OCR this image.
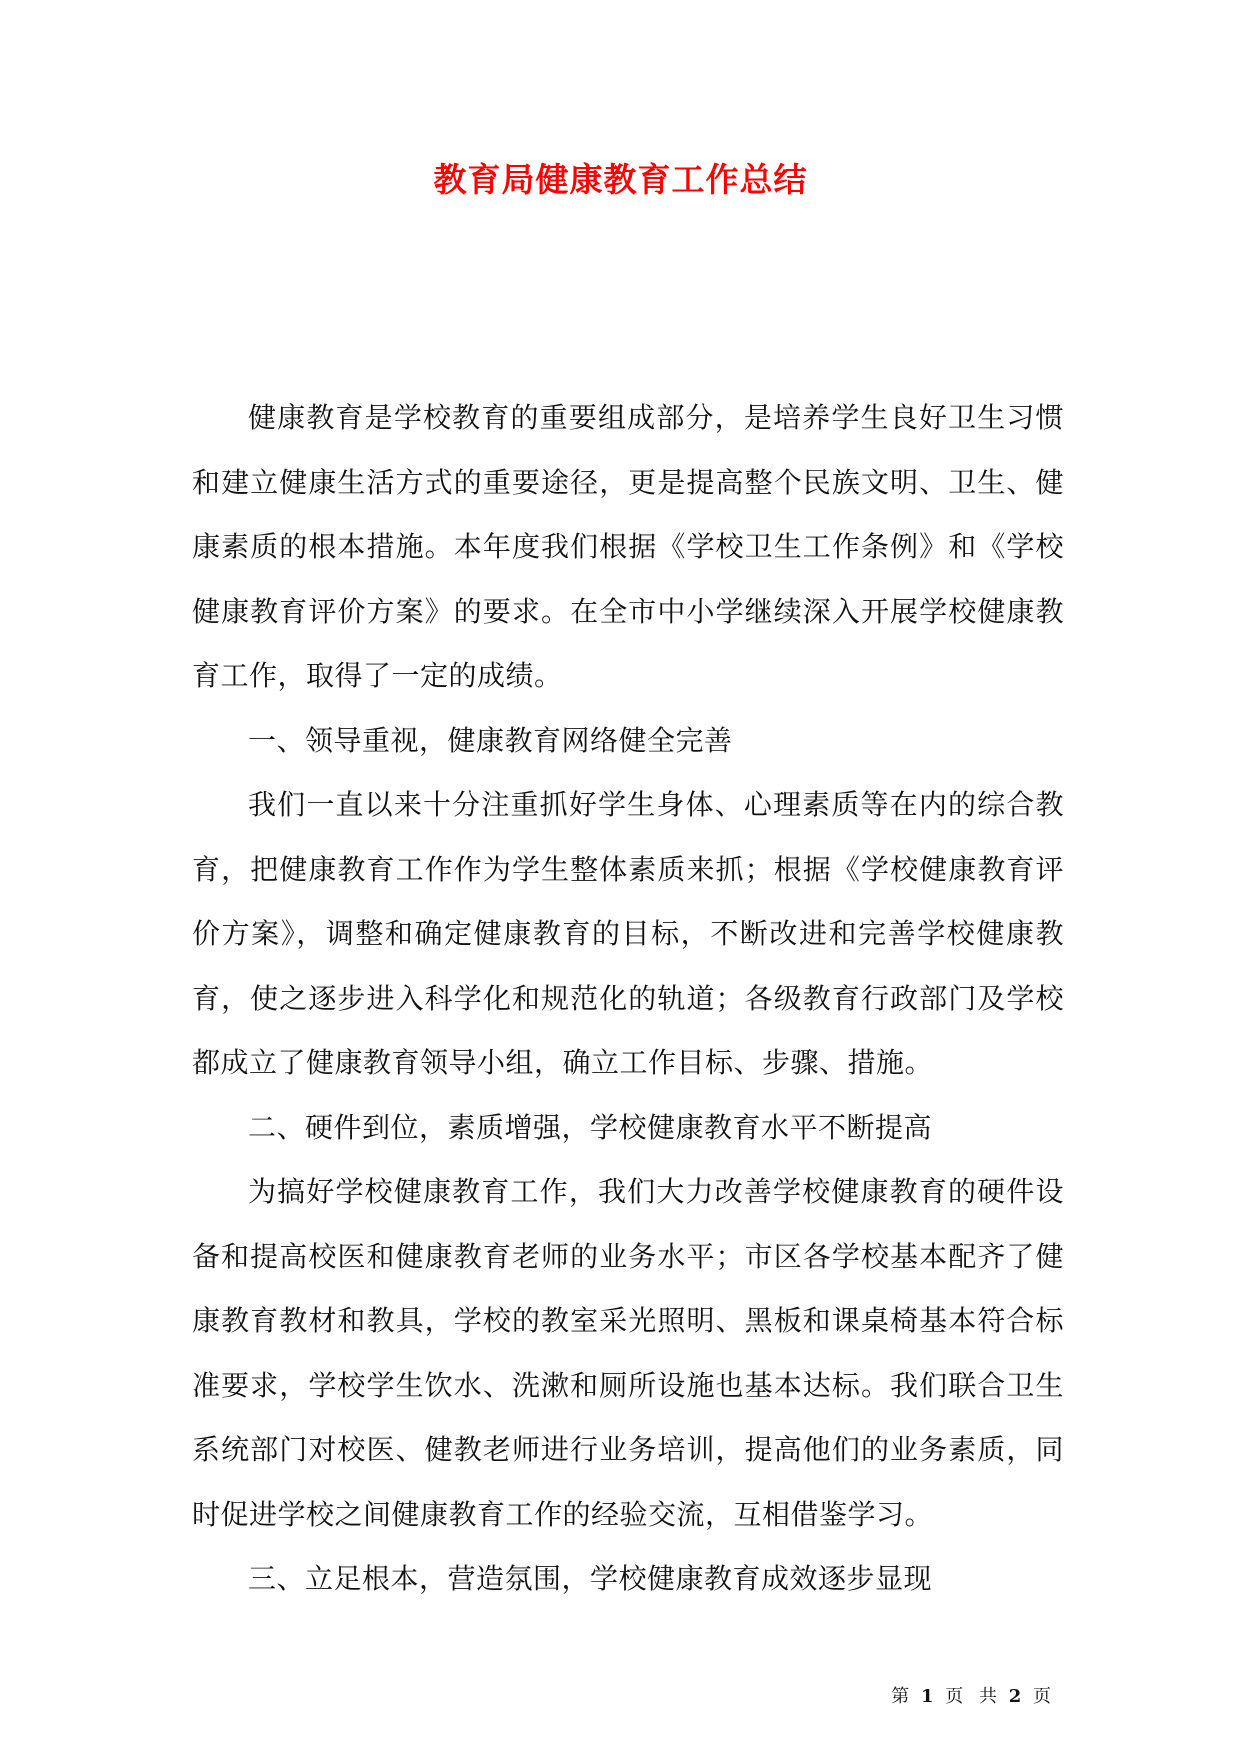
教育局健康教育工作总结

健康教育是学校教育的重要组成部分，是培养学生良好卫生习惯和建立健康生活方式的重要途径，更是提高整个民族文明、卫生、健康素质的根本措施。本年度我们根据《学校卫生工作条例》和《学校健康教育评价方案》的要求。在全市中小学继续深入开展学校健康教育工作，取得了一定的成绩。

一、领导重视，健康教育网络健全完善

我们一直以来十分注重抓好学生身体、心理素质等在内的综合教育，把健康教育工作作为学生整体素质来抓；根据《学校健康教育评价方案》，调整和确定健康教育的目标，不断改进和完善学校健康教育，使之逐步进入科学化和规范化的轨道；各级教育行政部门及学校都成立了健康教育领导小组，确立工作目标、步骤、措施。

二、硬件到位，素质增强，学校健康教育水平不断提高

为搞好学校健康教育工作，我们大力改善学校健康教育的硬件设备和提高校医和健康教育老师的业务水平；市区各学校基本配齐了健康教育教材和教具，学校的教室采光照明、黑板和课桌椅基本符合标准要求，学校学生饮水、洗漱和厕所设施也基本达标。我们联合卫生系统部门对校医、健教老师进行业务培训，提高他们的业务素质，同时促进学校之间健康教育工作的经验交流，互相借鉴学习。

三、立足根本，营造氛围，学校健康教育成效逐步显现

第 1 页 共 2 页
